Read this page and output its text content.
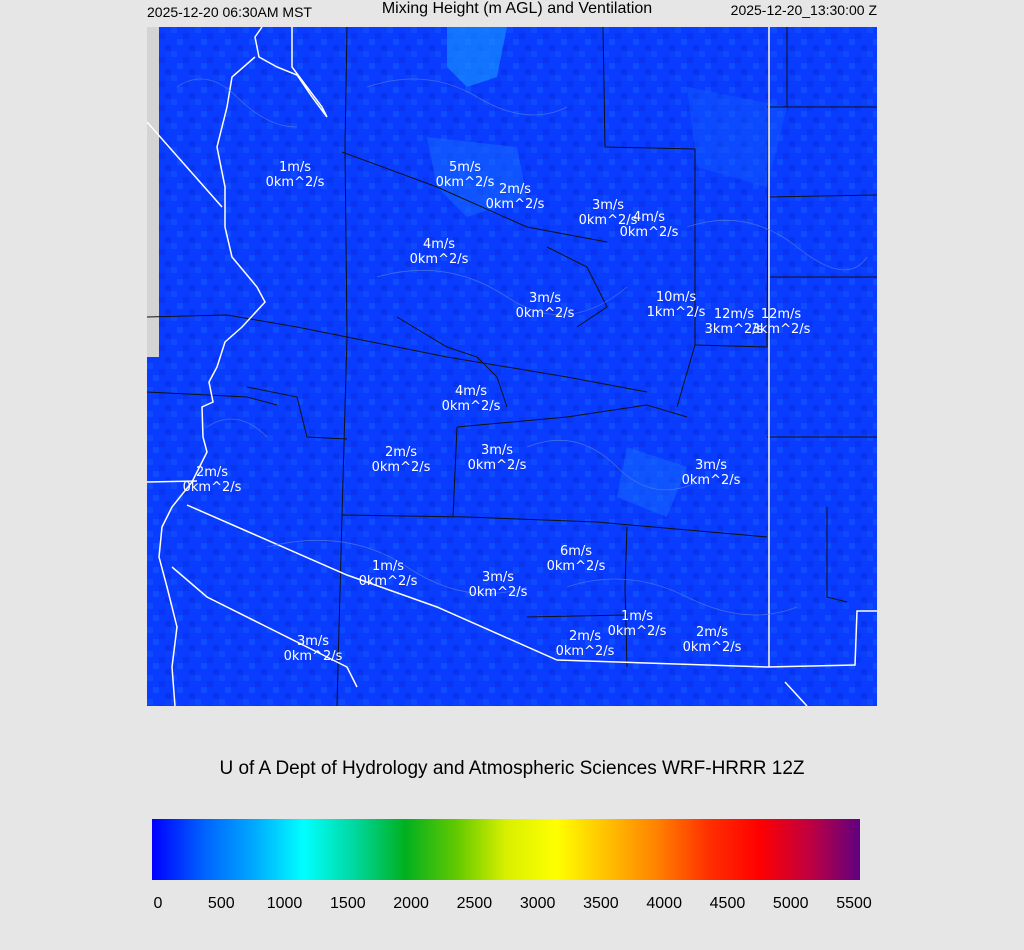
2025-12-20 06:30AM MST	Mixing Height (m AGL) and Ventilation	2025-12-20_13:30:00 Z
1m/s
0km^2/s
5m/s
0km^2/s 2m/s
0km^2/s	3m/s
0km^2/s
4m/s
0km^2/s
4m/s
0km^2/s
3m/s
0km^2/s
10m/s
1km^2/s 12m/s
3km^2/s
12m/s
3km^2/s
4m/s
0km^2/s
2m/s
0km^2/s
3m/s
0km^2/s	3m/s
0km^2/s
2m/s
0km^2/s
6m/s
0km^2/s
1m/s
0km^2/s	3m/s
0km^2/s
1m/s
0km^2/s
2m/s
0km^2/s
2m/s
0km^2/s
3m/s
0km^2/s
U of A Dept of Hydrology and Atmospheric Sciences WRF-HRRR 12Z
0	500 1000 1500 2000 2500 3000 3500 4000 4500 5000 5500
